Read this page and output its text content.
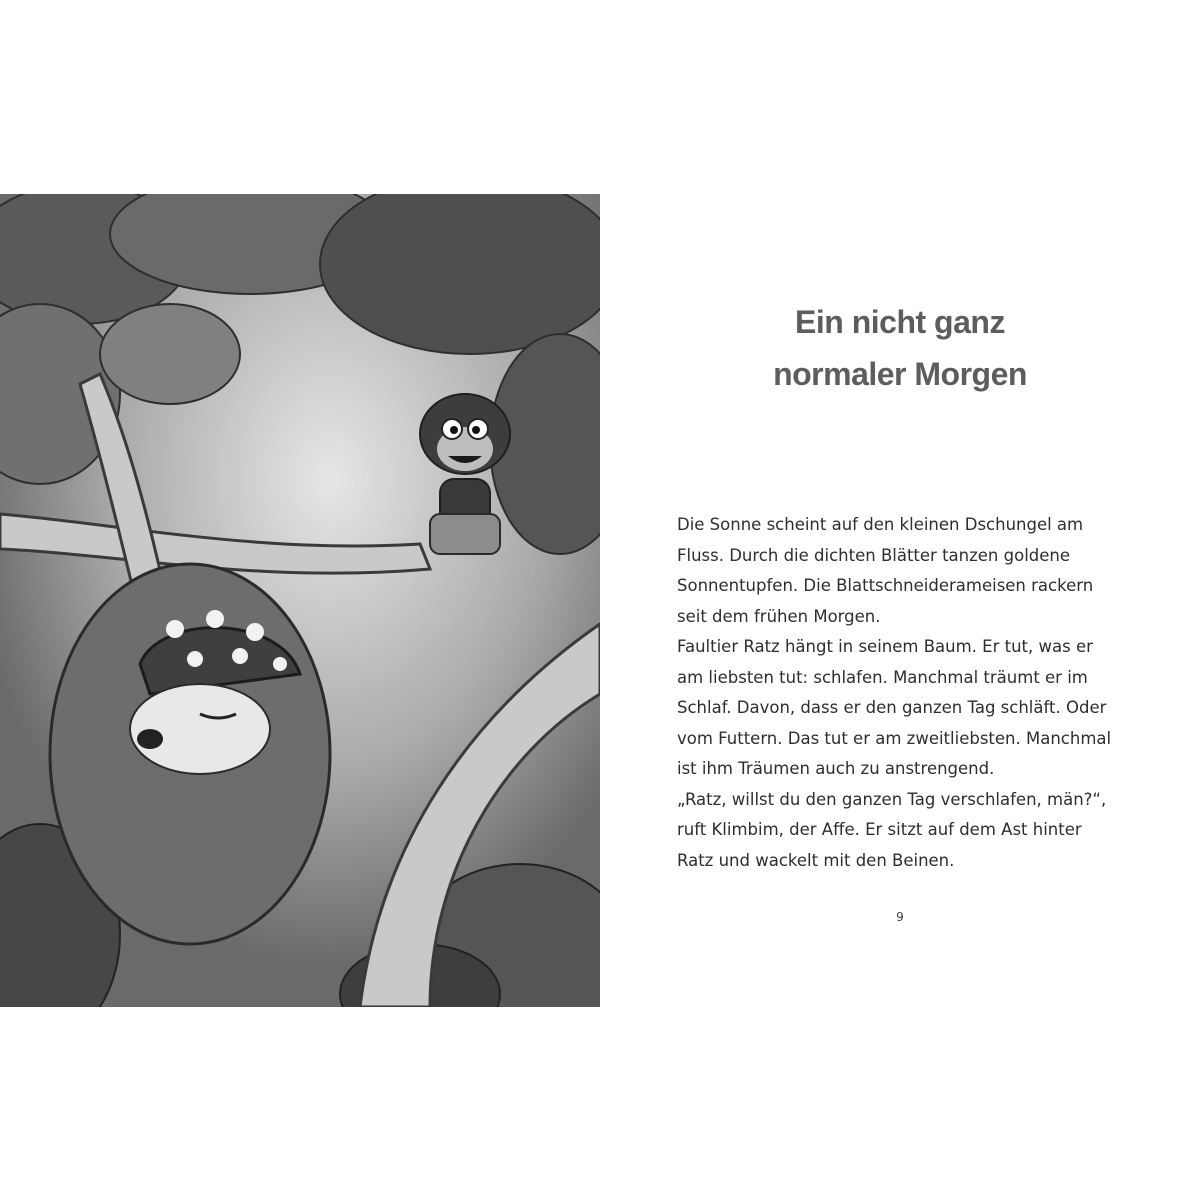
Ein nicht ganz
normaler Morgen
Die Sonne scheint auf den kleinen Dschungel am
Fluss. Durch die dichten Blätter tanzen goldene
Sonnentupfen. Die Blattschneiderameisen rackern
seit dem frühen Morgen.
Faultier Ratz hängt in seinem Baum. Er tut, was er
am liebsten tut: schlafen. Manchmal träumt er im
Schlaf. Davon, dass er den ganzen Tag schläft. Oder
vom Futtern. Das tut er am zweitliebsten. Manchmal
ist ihm Träumen auch zu anstrengend.
„Ratz, willst du den ganzen Tag verschlafen, män?“,
ruft Klimbim, der Affe. Er sitzt auf dem Ast hinter
Ratz und wackelt mit den Beinen.
9
